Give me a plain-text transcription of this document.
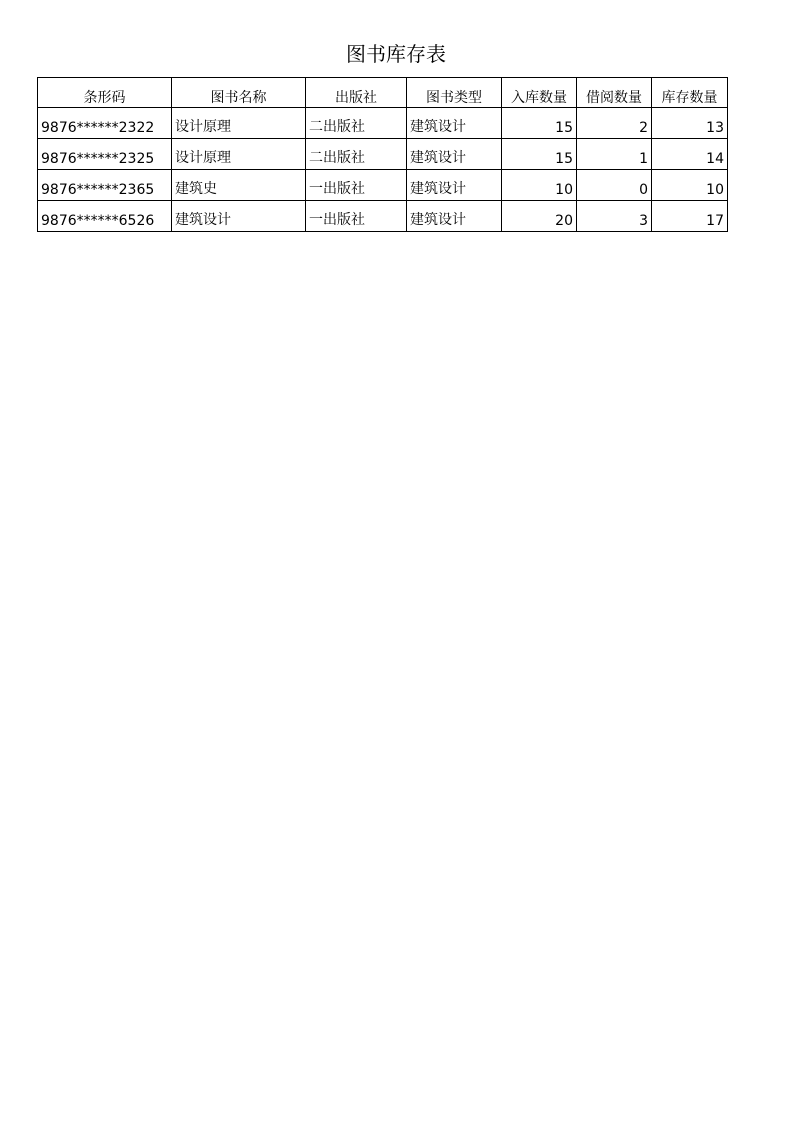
图书库存表
条形码	图书名称	出版社	图书类型	入库数量	借阅数量	库存数量
9876******2322	设计原理	二出版社	建筑设计	15	2	13
9876******2325	设计原理	二出版社	建筑设计	15	1	14
9876******2365	建筑史	一出版社	建筑设计	10	0	10
9876******6526	建筑设计	一出版社	建筑设计	20	3	17
